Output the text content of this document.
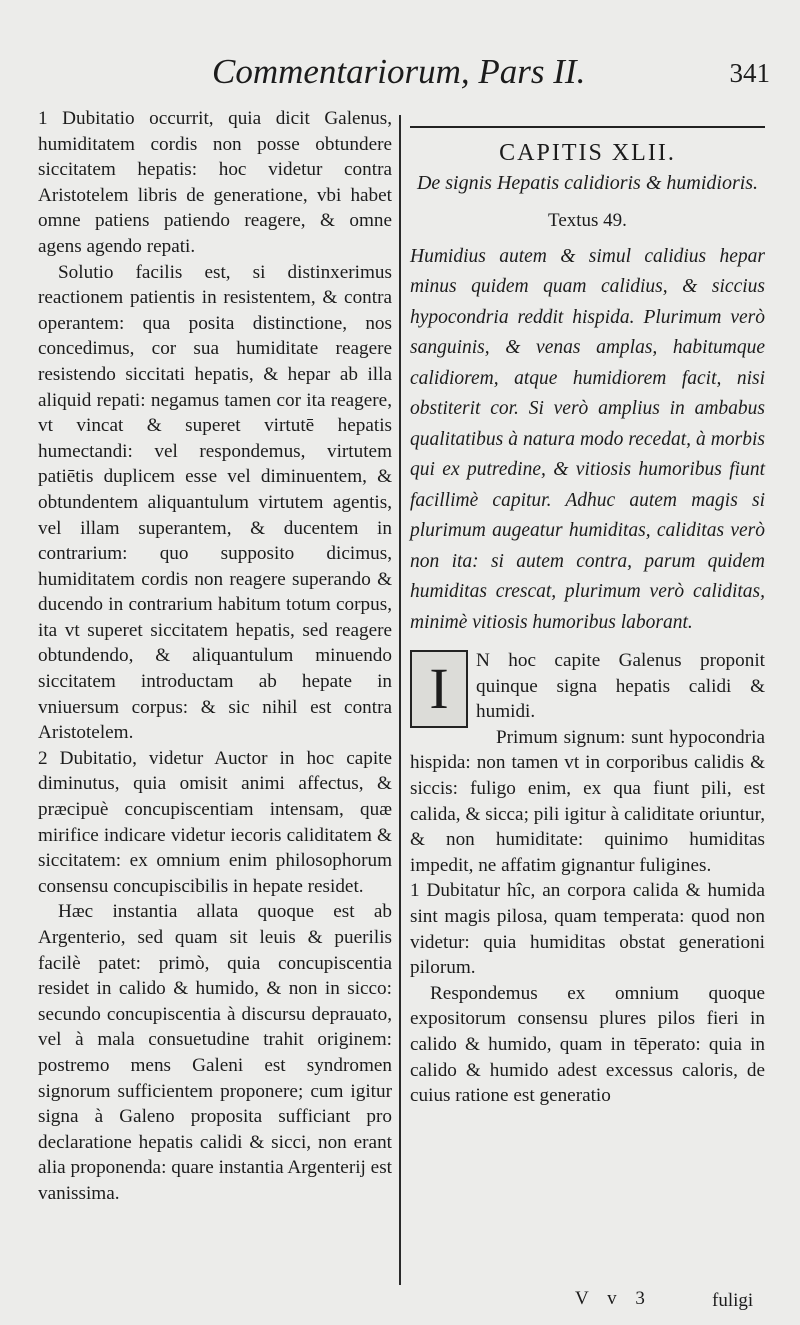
Commentariorum, Pars II.	341

1 Dubitatio occurrit, quia dicit Galenus, humiditatem cordis non posse obtundere siccitatem hepatis: hoc videtur contra Aristotelem libris de generatione, vbi habet omne patiens patiendo reagere, & omne agens agendo repati.

Solutio facilis est, si distinxerimus reactionem patientis in resistentem, & contra operantem: qua posita distinctione, nos concedimus, cor sua humiditate reagere resistendo siccitati hepatis, & hepar ab illa aliquid repati: negamus tamen cor ita reagere, vt vincat & superet virtutē hepatis humectandi: vel respondemus, virtutem patiētis duplicem esse vel diminuentem, & obtundentem aliquantulum virtutem agentis, vel illam superantem, & ducentem in contrarium: quo supposito dicimus, humiditatem cordis non reagere superando & ducendo in contrarium habitum totum corpus, ita vt superet siccitatem hepatis, sed reagere obtundendo, & aliquantulum minuendo siccitatem introductam ab hepate in vniuersum corpus: & sic nihil est contra Aristotelem.

2 Dubitatio, videtur Auctor in hoc capite diminutus, quia omisit animi affectus, & præcipuè concupiscentiam intensam, quæ mirifice indicare videtur iecoris caliditatem & siccitatem: ex omnium enim philosophorum consensu concupiscibilis in hepate residet.

Hæc instantia allata quoque est ab Argenterio, sed quam sit leuis & puerilis facilè patet: primò, quia concupiscentia residet in calido & humido, & non in sicco: secundo concupiscentia à discursu deprauato, vel à mala consuetudine trahit originem: postremo mens Galeni est syndromen signorum sufficientem proponere; cum igitur signa à Galeno proposita sufficiant pro declaratione hepatis calidi & sicci, non erant alia proponenda: quare instantia Argenterij est vanissima.

CAPITIS XLII.
De signis Hepatis calidioris & humidioris.
Textus 49.

Humidius autem & simul calidius hepar minus quidem quam calidius, & siccius hypocondria reddit hispida. Plurimum verò sanguinis, & venas amplas, habitumque calidiorem, atque humidiorem facit, nisi obstiterit cor. Si verò amplius in ambabus qualitatibus à natura modo recedat, à morbis qui ex putredine, & vitiosis humoribus fiunt facillimè capitur. Adhuc autem magis si plurimum augeatur humiditas, caliditas verò non ita: si autem contra, parum quidem humiditas crescat, plurimum verò caliditas, minimè vitiosis humoribus laborant.

I	N hoc capite Galenus proponit quinque signa hepatis calidi & humidi.

Primum signum: sunt hypocondria hispida: non tamen vt in corporibus calidis & siccis: fuligo enim, ex qua fiunt pili, est calida, & sicca; pili igitur à caliditate oriuntur, & non humiditate: quinimo humiditas impedit, ne affatim gignantur fuligines.

1 Dubitatur hîc, an corpora calida & humida sint magis pilosa, quam temperata: quod non videtur: quia humiditas obstat generationi pilorum.

Respondemus ex omnium quoque expositorum consensu plures pilos fieri in calido & humido, quam in tēperato: quia in calido & humido adest excessus caloris, de cuius ratione est generatio

V v 3	fuligi
